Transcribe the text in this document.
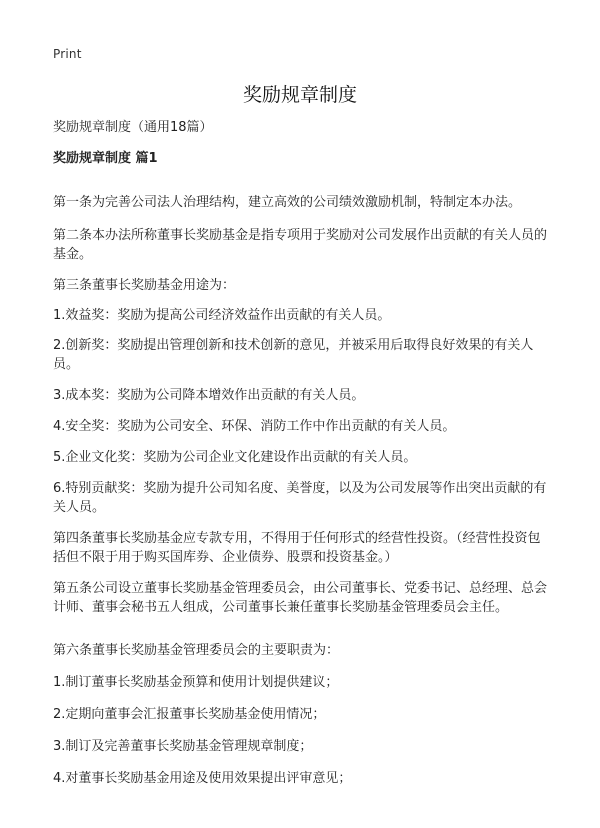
Print
奖励规章制度
奖励规章制度（通用18篇）
奖励规章制度 篇1

第一条为完善公司法人治理结构，建立高效的公司绩效激励机制，特制定本办法。

第二条本办法所称董事长奖励基金是指专项用于奖励对公司发展作出贡献的有关人员的基金。

第三条董事长奖励基金用途为：

1.效益奖：奖励为提高公司经济效益作出贡献的有关人员。

2.创新奖：奖励提出管理创新和技术创新的意见，并被采用后取得良好效果的有关人员。

3.成本奖：奖励为公司降本增效作出贡献的有关人员。

4.安全奖：奖励为公司安全、环保、消防工作中作出贡献的有关人员。

5.企业文化奖：奖励为公司企业文化建设作出贡献的有关人员。

6.特别贡献奖：奖励为提升公司知名度、美誉度，以及为公司发展等作出突出贡献的有关人员。

第四条董事长奖励基金应专款专用，不得用于任何形式的经营性投资。（经营性投资包括但不限于用于购买国库券、企业债券、股票和投资基金。）

第五条公司设立董事长奖励基金管理委员会，由公司董事长、党委书记、总经理、总会计师、董事会秘书五人组成，公司董事长兼任董事长奖励基金管理委员会主任。

第六条董事长奖励基金管理委员会的主要职责为：

1.制订董事长奖励基金预算和使用计划提供建议；

2.定期向董事会汇报董事长奖励基金使用情况；

3.制订及完善董事长奖励基金管理规章制度；

4.对董事长奖励基金用途及使用效果提出评审意见；
